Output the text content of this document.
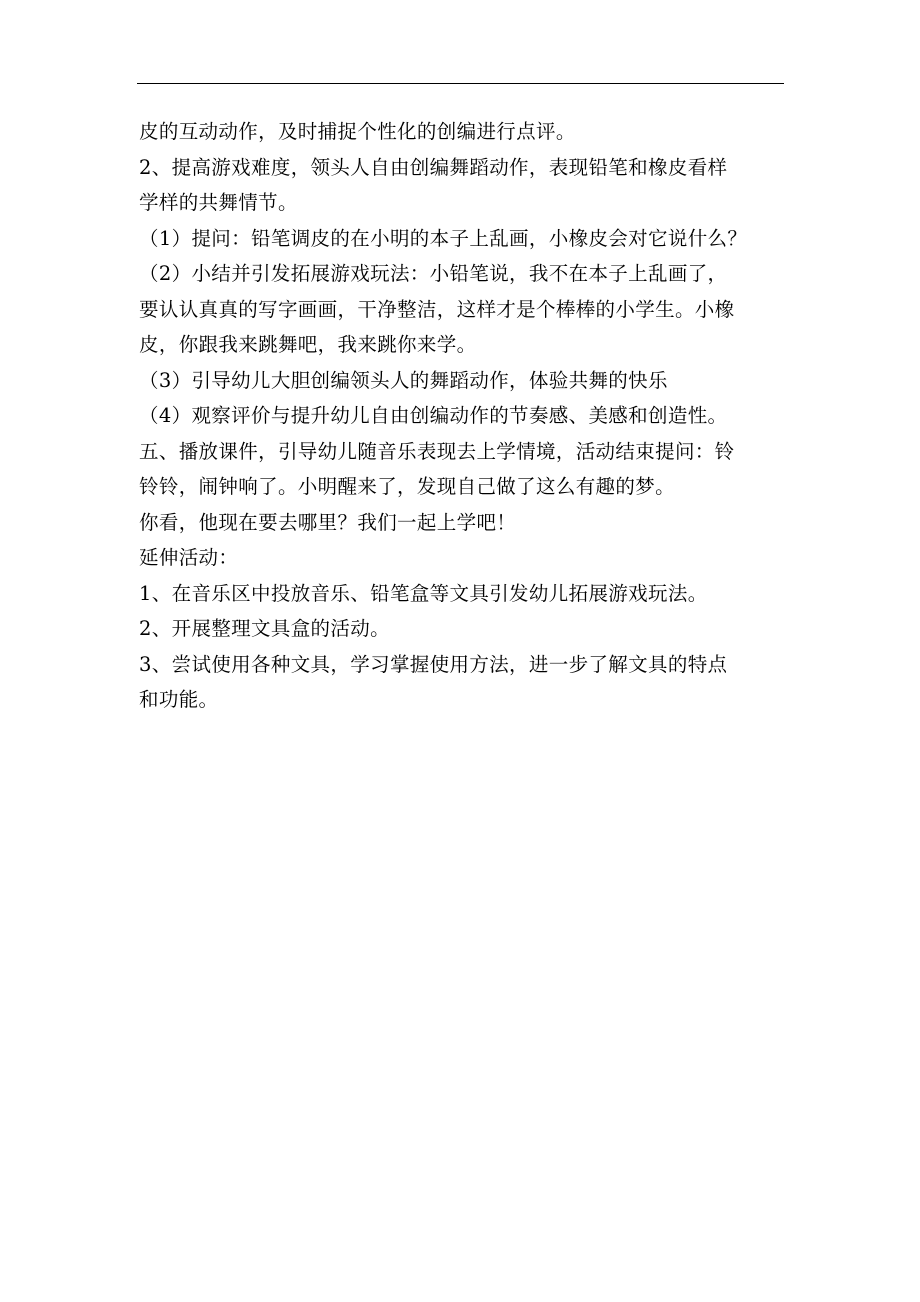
皮的互动动作，及时捕捉个性化的创编进行点评。
2、提高游戏难度，领头人自由创编舞蹈动作，表现铅笔和橡皮看样
学样的共舞情节。
（1）提问：铅笔调皮的在小明的本子上乱画，小橡皮会对它说什么？
（2）小结并引发拓展游戏玩法：小铅笔说，我不在本子上乱画了，
要认认真真的写字画画，干净整洁，这样才是个棒棒的小学生。小橡
皮，你跟我来跳舞吧，我来跳你来学。
（3）引导幼儿大胆创编领头人的舞蹈动作，体验共舞的快乐
（4）观察评价与提升幼儿自由创编动作的节奏感、美感和创造性。
五、播放课件，引导幼儿随音乐表现去上学情境，活动结束提问：铃
铃铃，闹钟响了。小明醒来了，发现自己做了这么有趣的梦。
你看，他现在要去哪里？我们一起上学吧！
延伸活动：
1、在音乐区中投放音乐、铅笔盒等文具引发幼儿拓展游戏玩法。
2、开展整理文具盒的活动。
3、尝试使用各种文具，学习掌握使用方法，进一步了解文具的特点
和功能。
